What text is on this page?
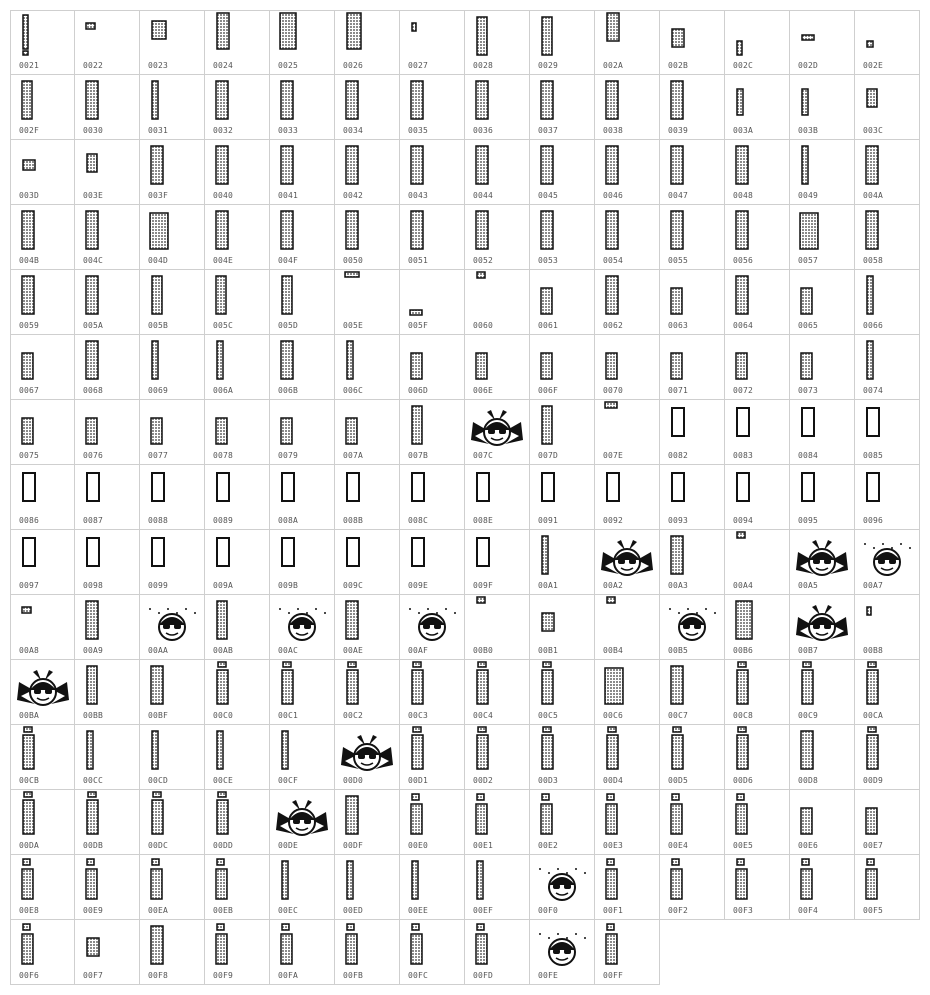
0021	0022	0023	0024	0025	0026	0027	0028	0029	002A	002B	002C	002D	002E
002F	0030	0031	0032	0033	0034	0035	0036	0037	0038	0039	003A	003B	003C
003D	003E	003F	0040	0041	0042	0043	0044	0045	0046	0047	0048	0049	004A
004B	004C	004D	004E	004F	0050	0051	0052	0053	0054	0055	0056	0057	0058
0059	005A	005B	005C	005D	005E	005F	0060	0061	0062	0063	0064	0065	0066
0067	0068	0069	006A	006B	006C	006D	006E	006F	0070	0071	0072	0073	0074
0075	0076	0077	0078	0079	007A	007B	007C	007D	007E	0082	0083	0084	0085
0086	0087	0088	0089	008A	008B	008C	008E	0091	0092	0093	0094	0095	0096
0097	0098	0099	009A	009B	009C	009E	009F	00A1	00A2	00A3	00A4	00A5	00A7
00A8	00A9	00AA	00AB	00AC	00AE	00AF	00B0	00B1	00B4	00B5	00B6	00B7	00B8
00BA	00BB	00BF	00C0	00C1	00C2	00C3	00C4	00C5	00C6	00C7	00C8	00C9	00CA
00CB	00CC	00CD	00CE	00CF	00D0	00D1	00D2	00D3	00D4	00D5	00D6	00D8	00D9
00DA	00DB	00DC	00DD	00DE	00DF	00E0	00E1	00E2	00E3	00E4	00E5	00E6	00E7
00E8	00E9	00EA	00EB	00EC	00ED	00EE	00EF	00F0	00F1	00F2	00F3	00F4	00F5
00F6	00F7	00F8	00F9	00FA	00FB	00FC	00FD	00FE	00FF
